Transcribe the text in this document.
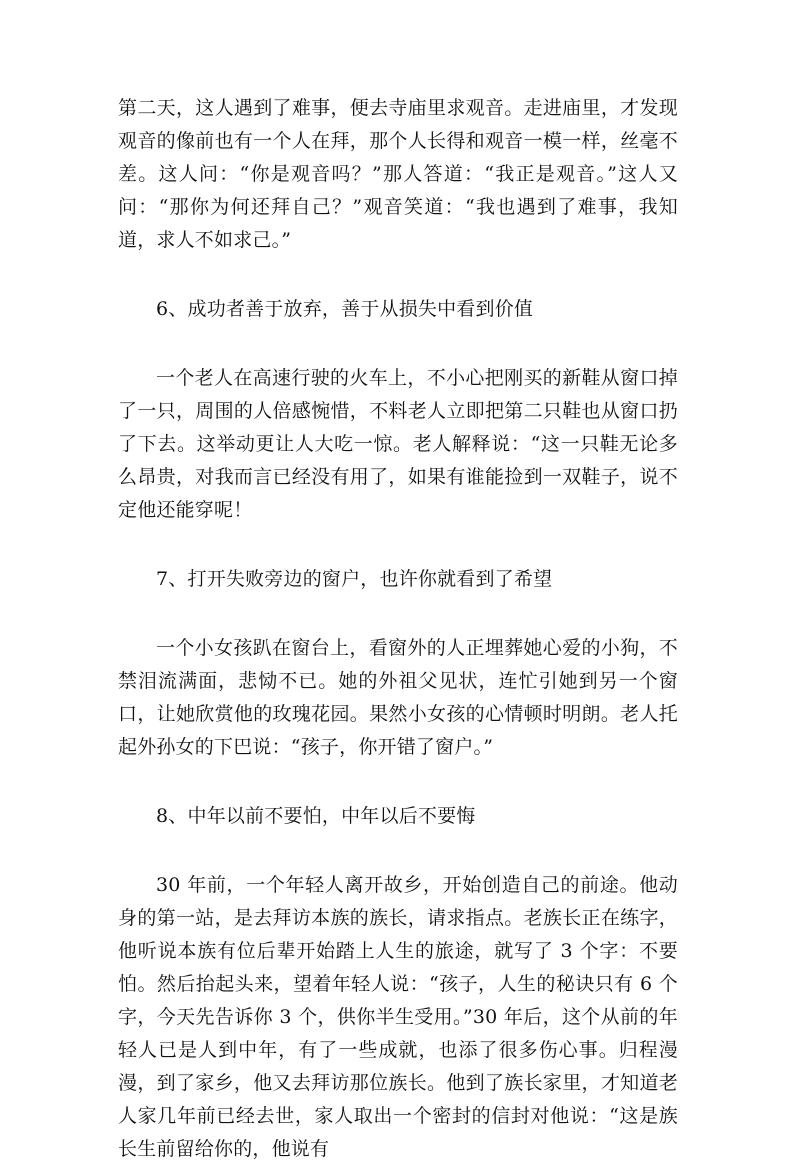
第二天，这人遇到了难事，便去寺庙里求观音。走进庙里，才发现观音的像前也有一个人在拜，那个人长得和观音一模一样，丝毫不差。这人问：“你是观音吗？”那人答道：“我正是观音。”这人又问：“那你为何还拜自己？”观音笑道：“我也遇到了难事，我知道，求人不如求己。”

6、成功者善于放弃，善于从损失中看到价值

一个老人在高速行驶的火车上，不小心把刚买的新鞋从窗口掉了一只，周围的人倍感惋惜，不料老人立即把第二只鞋也从窗口扔了下去。这举动更让人大吃一惊。老人解释说：“这一只鞋无论多么昂贵，对我而言已经没有用了，如果有谁能捡到一双鞋子，说不定他还能穿呢！

7、打开失败旁边的窗户，也许你就看到了希望

一个小女孩趴在窗台上，看窗外的人正埋葬她心爱的小狗，不禁泪流满面，悲恸不已。她的外祖父见状，连忙引她到另一个窗口，让她欣赏他的玫瑰花园。果然小女孩的心情顿时明朗。老人托起外孙女的下巴说：“孩子，你开错了窗户。”

8、中年以前不要怕，中年以后不要悔

30 年前，一个年轻人离开故乡，开始创造自己的前途。他动身的第一站，是去拜访本族的族长，请求指点。老族长正在练字，他听说本族有位后辈开始踏上人生的旅途，就写了 3 个字：不要怕。然后抬起头来，望着年轻人说：“孩子，人生的秘诀只有 6 个字，今天先告诉你 3 个，供你半生受用。”30 年后，这个从前的年轻人已是人到中年，有了一些成就，也添了很多伤心事。归程漫漫，到了家乡，他又去拜访那位族长。他到了族长家里，才知道老人家几年前已经去世，家人取出一个密封的信封对他说：“这是族长生前留给你的，他说有
